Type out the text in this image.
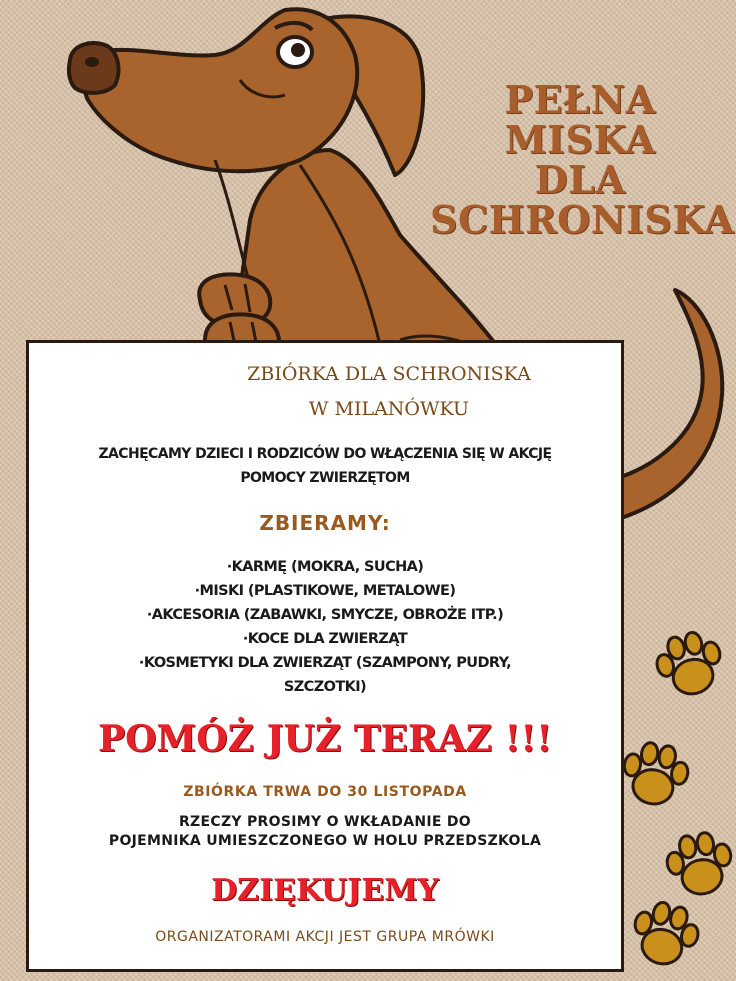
PEŁNA
MISKA
DLA
SCHRONISKA
ZBIÓRKA DLA SCHRONISKA
W MILANÓWKU
ZACHĘCAMY DZIECI I RODZICÓW DO WŁĄCZENIA SIĘ W AKCJĘ
POMOCY ZWIERZĘTOM
ZBIERAMY:
·KARMĘ (MOKRA, SUCHA)
·MISKI (PLASTIKOWE, METALOWE)
·AKCESORIA (ZABAWKI, SMYCZE, OBROŻE ITP.)
·KOCE DLA ZWIERZĄT
·KOSMETYKI DLA ZWIERZĄT (SZAMPONY, PUDRY,
SZCZOTKI)
POMÓŻ JUŻ TERAZ !!!
ZBIÓRKA TRWA DO 30 LISTOPADA
RZECZY PROSIMY O WKŁADANIE DO
POJEMNIKA UMIESZCZONEGO W HOLU PRZEDSZKOLA
DZIĘKUJEMY
ORGANIZATORAMI AKCJI JEST GRUPA MRÓWKI
